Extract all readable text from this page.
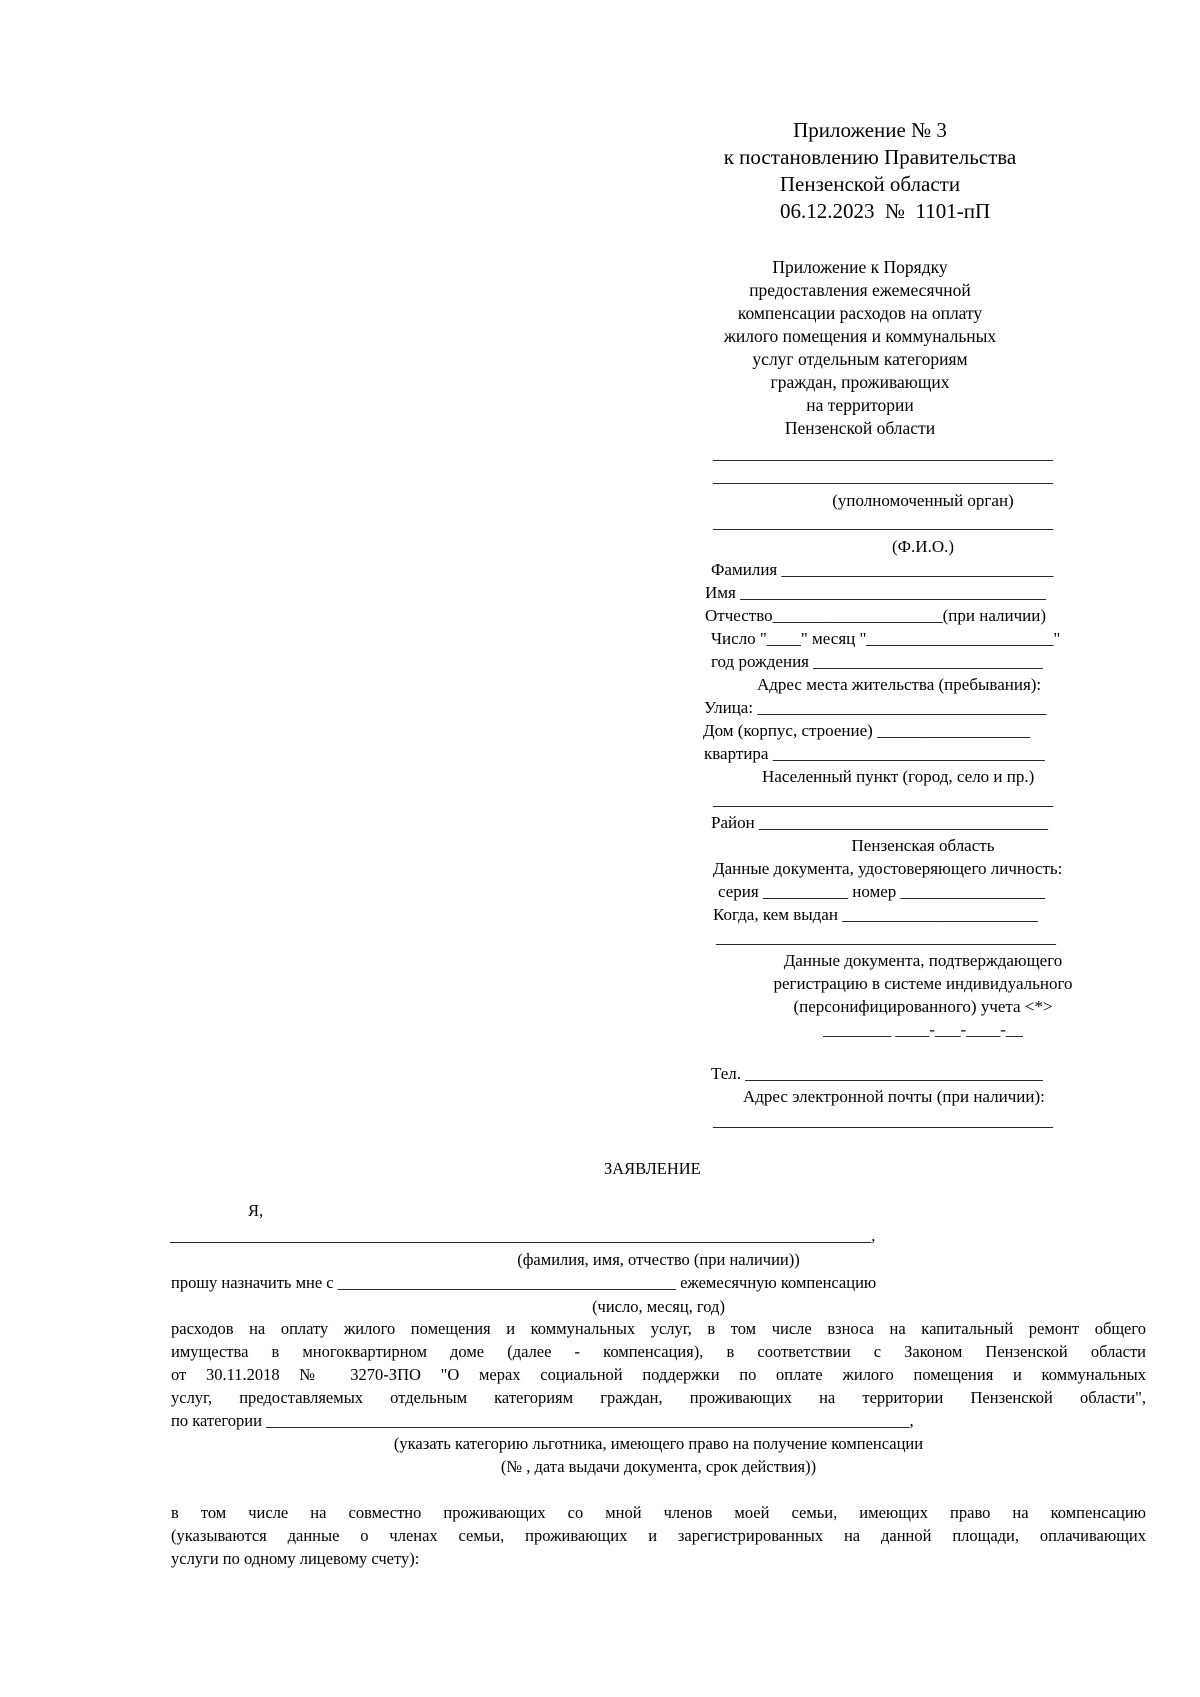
Приложение № 3
к постановлению Правительства
Пензенской области
06.12.2023  №  1101-пП
Приложение к Порядку
предоставления ежемесячной
компенсации расходов на оплату
жилого помещения и коммунальных
услуг отдельным категориям
граждан, проживающих
на территории
Пензенской области
________________________________________
________________________________________
(уполномоченный орган)
________________________________________
(Ф.И.О.)
Фамилия ________________________________
Имя ____________________________________
Отчество____________________(при наличии)
Число "____" месяц "______________________"
год рождения ___________________________
Адрес места жительства (пребывания):
Улица: __________________________________
Дом (корпус, строение) __________________
квартира ________________________________
Населенный пункт (город, село и пр.)
________________________________________
Район __________________________________
Пензенская область
Данные документа, удостоверяющего личность:
серия __________ номер _________________
Когда, кем выдан _______________________
________________________________________
Данные документа, подтверждающего
регистрацию в системе индивидуального
(персонифицированного) учета <*>
________ ____-___-____-__
Тел. ___________________________________
Адрес электронной почты (при наличии):
________________________________________
ЗАЯВЛЕНИЕ
Я,
_____________________________________________________________________________________,
(фамилия, имя, отчество (при наличии))
прошу назначить мне с _________________________________________ ежемесячную компенсацию
(число, месяц, год)
расходов на оплату жилого помещения и коммунальных услуг, в том числе взноса на капитальный ремонт общего
имущества в многоквартирном доме (далее - компенсация), в соответствии с Законом Пензенской области
от 30.11.2018 № 3270-ЗПО "О мерах социальной поддержки по оплате жилого помещения и коммунальных
услуг, предоставляемых отдельным категориям граждан, проживающих на территории Пензенской области",
по категории ______________________________________________________________________________,
(указать категорию льготника, имеющего право на получение компенсации
(№ , дата выдачи документа, срок действия))
в том числе на совместно проживающих со мной членов моей семьи, имеющих право на компенсацию
(указываются данные о членах семьи, проживающих и зарегистрированных на данной площади, оплачивающих
услуги по одному лицевому счету):
